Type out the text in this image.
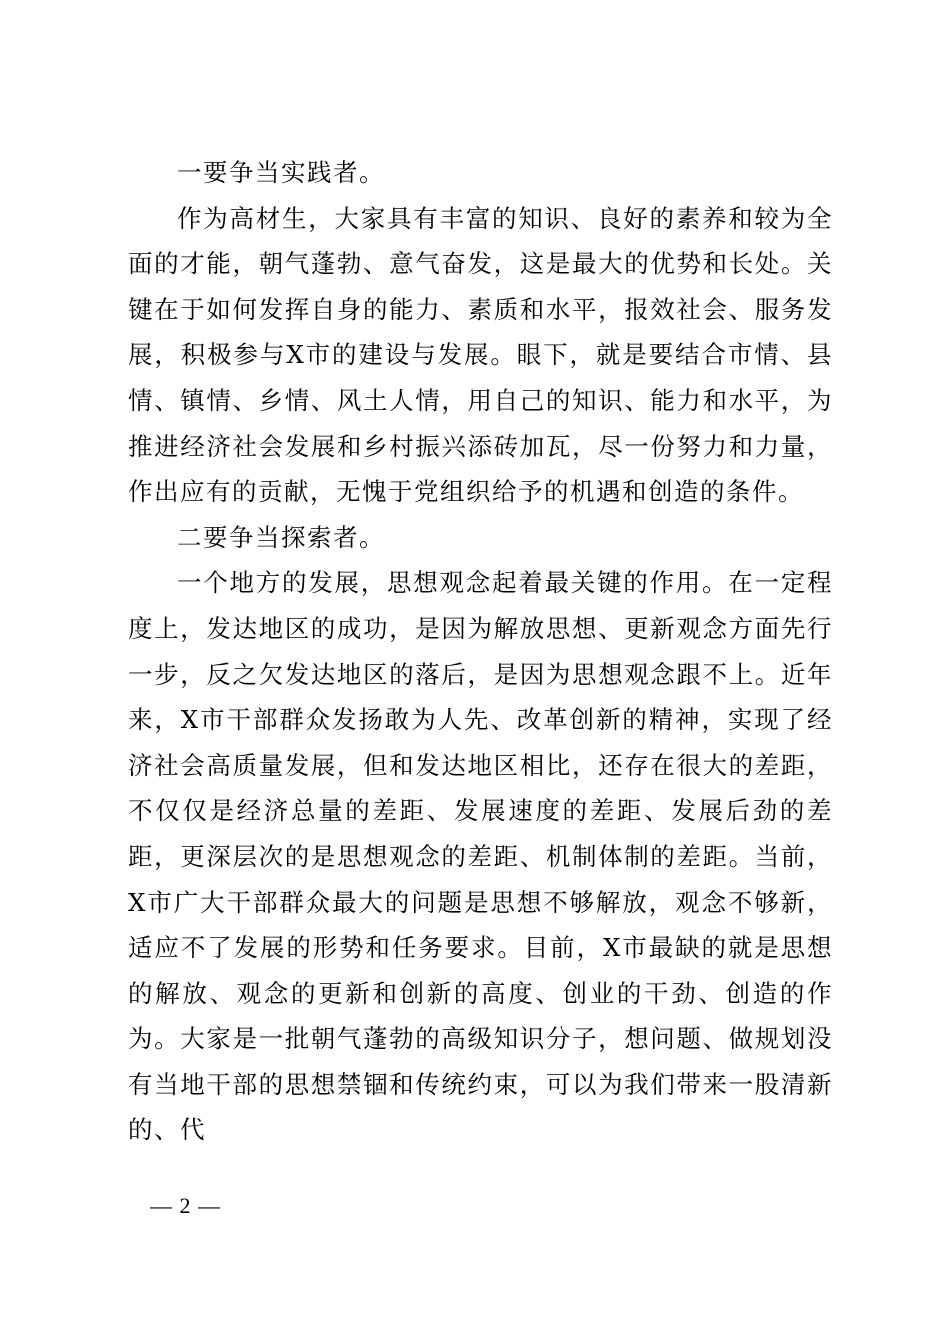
一要争当实践者。

作为高材生，大家具有丰富的知识、良好的素养和较为全面的才能，朝气蓬勃、意气奋发，这是最大的优势和长处。关键在于如何发挥自身的能力、素质和水平，报效社会、服务发展，积极参与X市的建设与发展。眼下，就是要结合市情、县情、镇情、乡情、风土人情，用自己的知识、能力和水平，为推进经济社会发展和乡村振兴添砖加瓦，尽一份努力和力量，作出应有的贡献，无愧于党组织给予的机遇和创造的条件。

二要争当探索者。

一个地方的发展，思想观念起着最关键的作用。在一定程度上，发达地区的成功，是因为解放思想、更新观念方面先行一步，反之欠发达地区的落后，是因为思想观念跟不上。近年来，X市干部群众发扬敢为人先、改革创新的精神，实现了经济社会高质量发展，但和发达地区相比，还存在很大的差距，不仅仅是经济总量的差距、发展速度的差距、发展后劲的差距，更深层次的是思想观念的差距、机制体制的差距。当前，X市广大干部群众最大的问题是思想不够解放，观念不够新，适应不了发展的形势和任务要求。目前，X市最缺的就是思想的解放、观念的更新和创新的高度、创业的干劲、创造的作为。大家是一批朝气蓬勃的高级知识分子，想问题、做规划没有当地干部的思想禁锢和传统约束，可以为我们带来一股清新的、代

— 2 —
